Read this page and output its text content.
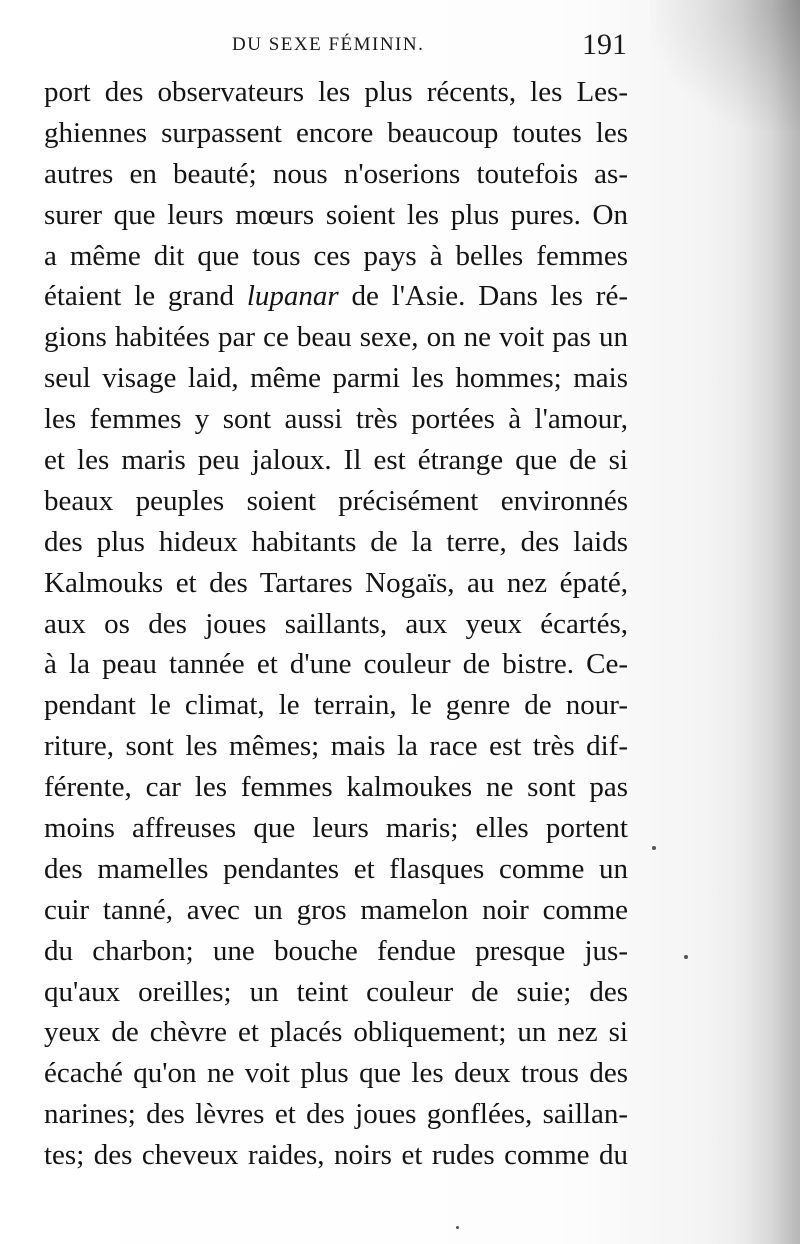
DU SEXE FÉMININ.	191
port des observateurs les plus récents, les Les-
ghiennes surpassent encore beaucoup toutes les
autres en beauté; nous n'oserions toutefois as-
surer que leurs mœurs soient les plus pures. On
a même dit que tous ces pays à belles femmes
étaient le grand lupanar de l'Asie. Dans les ré-
gions habitées par ce beau sexe, on ne voit pas un
seul visage laid, même parmi les hommes; mais
les femmes y sont aussi très portées à l'amour,
et les maris peu jaloux. Il est étrange que de si
beaux peuples soient précisément environnés
des plus hideux habitants de la terre, des laids
Kalmouks et des Tartares Nogaïs, au nez épaté,
aux os des joues saillants, aux yeux écartés,
à la peau tannée et d'une couleur de bistre. Ce-
pendant le climat, le terrain, le genre de nour-
riture, sont les mêmes; mais la race est très dif-
férente, car les femmes kalmoukes ne sont pas
moins affreuses que leurs maris; elles portent
des mamelles pendantes et flasques comme un
cuir tanné, avec un gros mamelon noir comme
du charbon; une bouche fendue presque jus-
qu'aux oreilles; un teint couleur de suie; des
yeux de chèvre et placés obliquement; un nez si
écaché qu'on ne voit plus que les deux trous des
narines; des lèvres et des joues gonflées, saillan-
tes; des cheveux raides, noirs et rudes comme du
